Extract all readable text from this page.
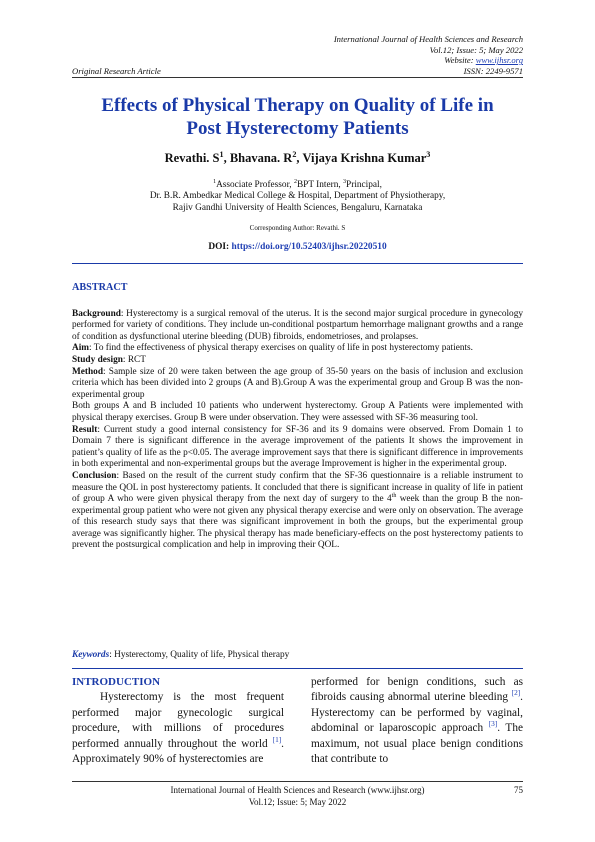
International Journal of Health Sciences and Research
Vol.12; Issue: 5; May 2022
Website: www.ijhsr.org
ISSN: 2249-9571
Original Research Article
Effects of Physical Therapy on Quality of Life in
Post Hysterectomy Patients
Revathi. $S^1$, Bhavana. $R^2$, Vijaya Krishna Kumar$^3$
$^1$Associate Professor, $^2$BPT Intern, $^3$Principal,
Dr. B.R. Ambedkar Medical College & Hospital, Department of Physiotherapy,
Rajiv Gandhi University of Health Sciences, Bengaluru, Karnataka
Corresponding Author: Revathi. S
DOI: https://doi.org/10.52403/ijhsr.20220510

ABSTRACT

Background: Hysterectomy is a surgical removal of the uterus. It is the second major surgical procedure in gynecology performed for variety of conditions. They include un-conditional postpartum hemorrhage malignant growths and a range of condition as dysfunctional uterine bleeding (DUB) fibroids, endometrioses, and prolapses.

Aim: To find the effectiveness of physical therapy exercises on quality of life in post hysterectomy patients.

Study design: RCT

Method: Sample size of 20 were taken between the age group of 35-50 years on the basis of inclusion and exclusion criteria which has been divided into 2 groups (A and B).Group A was the experimental group and Group B was the non-experimental group

Both groups A and B included 10 patients who underwent hysterectomy. Group A Patients were implemented with physical therapy exercises. Group B were under observation. They were assessed with SF-36 measuring tool.

Result: Current study a good internal consistency for SF-36 and its 9 domains were observed. From Domain 1 to Domain 7 there is significant difference in the average improvement of the patients It shows the improvement in patient’s quality of life as the p<0.05. The average improvement says that there is significant difference in improvements in both experimental and non-experimental groups but the average Improvement is higher in the experimental group.

Conclusion: Based on the result of the current study confirm that the SF-36 questionnaire is a reliable instrument to measure the QOL in post hysterectomy patients. It concluded that there is significant increase in quality of life in patient of group A who were given physical therapy from the next day of surgery to the 4th week than the group B the non-experimental group patient who were not given any physical therapy exercise and were only on observation. The average of this research study says that there was significant improvement in both the groups, but the experimental group average was significantly higher. The physical therapy has made beneficiary-effects on the post hysterectomy patients to prevent the postsurgical complication and help in improving their QOL.

Keywords: Hysterectomy, Quality of life, Physical therapy

INTRODUCTION

Hysterectomy is the most frequent performed major gynecologic surgical procedure, with millions of procedures performed annually throughout the world [1]. Approximately 90% of hysterectomies are

performed for benign conditions, such as fibroids causing abnormal uterine bleeding [2]. Hysterectomy can be performed by vaginal, abdominal or laparoscopic approach [3]. The maximum, not usual place benign conditions that contribute to

International Journal of Health Sciences and Research (www.ijhsr.org)
Vol.12; Issue: 5; May 2022
75
